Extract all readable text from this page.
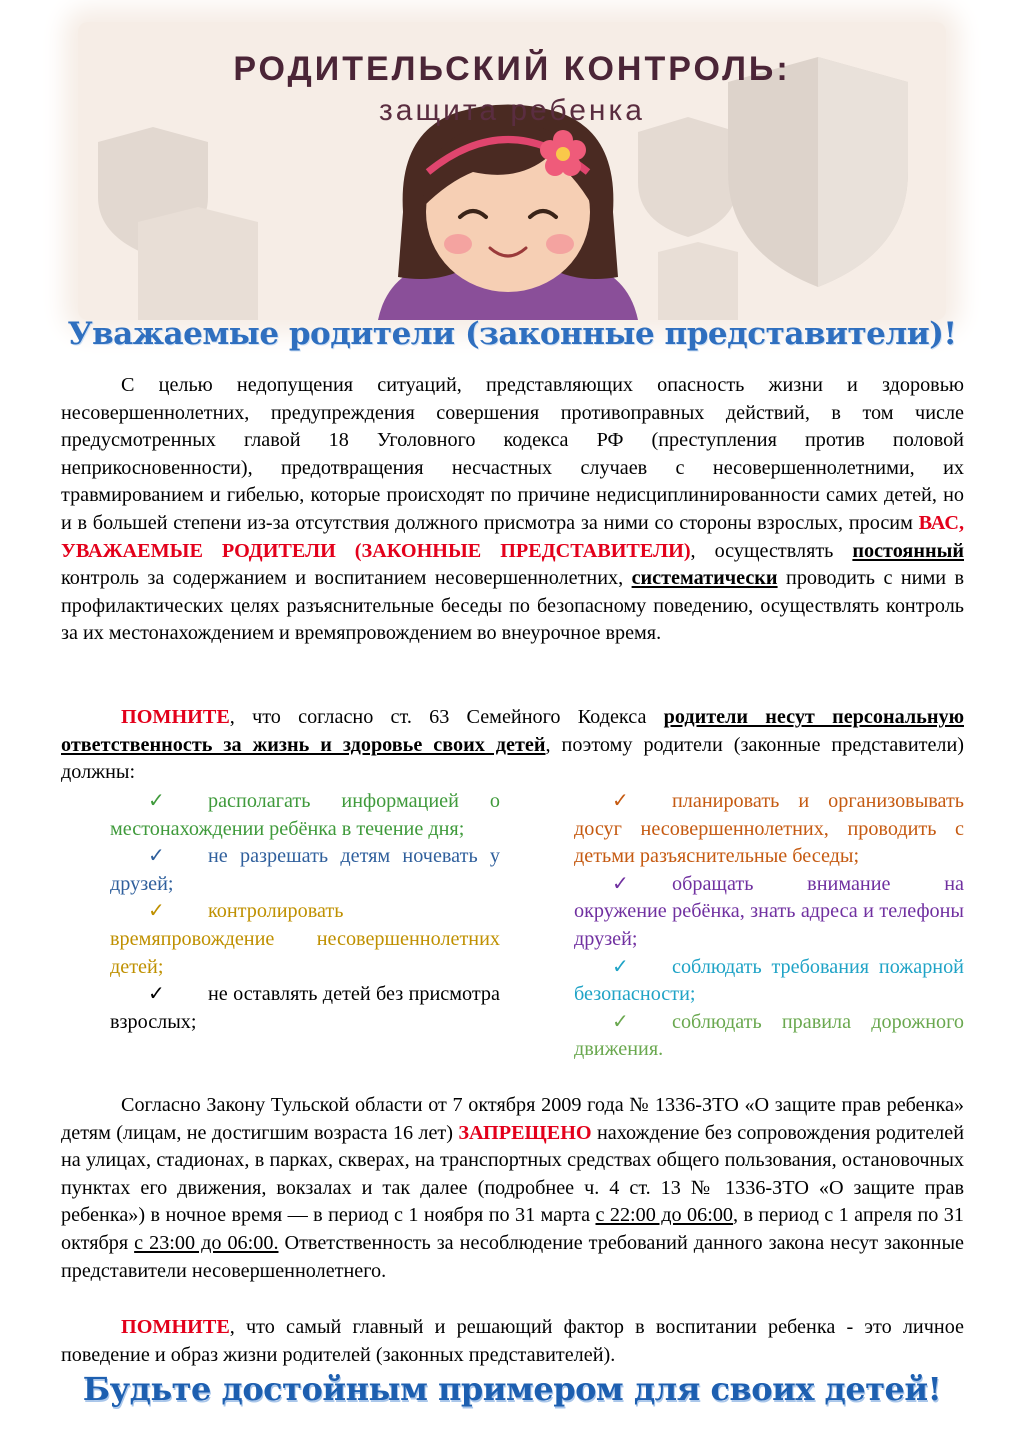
РОДИТЕЛЬСКИЙ КОНТРОЛЬ:

защита ребенка

Уважаемые родители (законные представители)!

С целью недопущения ситуаций, представляющих опасность жизни и здоровью несовершеннолетних, предупреждения совершения противоправных действий, в том числе предусмотренных главой 18 Уголовного кодекса РФ (преступления против половой неприкосновенности), предотвращения несчастных случаев с несовершеннолетними, их травмированием и гибелью, которые происходят по причине недисциплинированности самих детей, но и в большей степени из-за отсутствия должного присмотра за ними со стороны взрослых, просим ВАС, УВАЖАЕМЫЕ РОДИТЕЛИ (ЗАКОННЫЕ ПРЕДСТАВИТЕЛИ), осуществлять постоянный контроль за содержанием и воспитанием несовершеннолетних, систематически проводить с ними в профилактических целях разъяснительные беседы по безопасному поведению, осуществлять контроль за их местонахождением и времяпровождением во внеурочное время.

ПОМНИТЕ, что согласно ст. 63 Семейного Кодекса родители несут персональную ответственность за жизнь и здоровье своих детей, поэтому родители (законные представители) должны:

✓ располагать информацией о местонахождении ребёнка в течение дня;

✓ не разрешать детям ночевать у друзей;

✓ контролировать времяпровождение несовершеннолетних детей;

✓ не оставлять детей без присмотра взрослых;

✓ планировать и организовывать досуг несовершеннолетних, проводить с детьми разъяснительные беседы;

✓ обращать внимание на окружение ребёнка, знать адреса и телефоны друзей;

✓ соблюдать требования пожарной безопасности;

✓ соблюдать правила дорожного движения.

Согласно Закону Тульской области от 7 октября 2009 года № 1336-ЗТО «О защите прав ребенка» детям (лицам, не достигшим возраста 16 лет) ЗАПРЕЩЕНО нахождение без сопровождения родителей на улицах, стадионах, в парках, скверах, на транспортных средствах общего пользования, остановочных пунктах его движения, вокзалах и так далее (подробнее ч. 4 ст. 13 № 1336-ЗТО «О защите прав ребенка») в ночное время — в период с 1 ноября по 31 марта с 22:00 до 06:00, в период с 1 апреля по 31 октября с 23:00 до 06:00. Ответственность за несоблюдение требований данного закона несут законные представители несовершеннолетнего.

ПОМНИТЕ, что самый главный и решающий фактор в воспитании ребенка - это личное поведение и образ жизни родителей (законных представителей).

Будьте достойным примером для своих детей!
